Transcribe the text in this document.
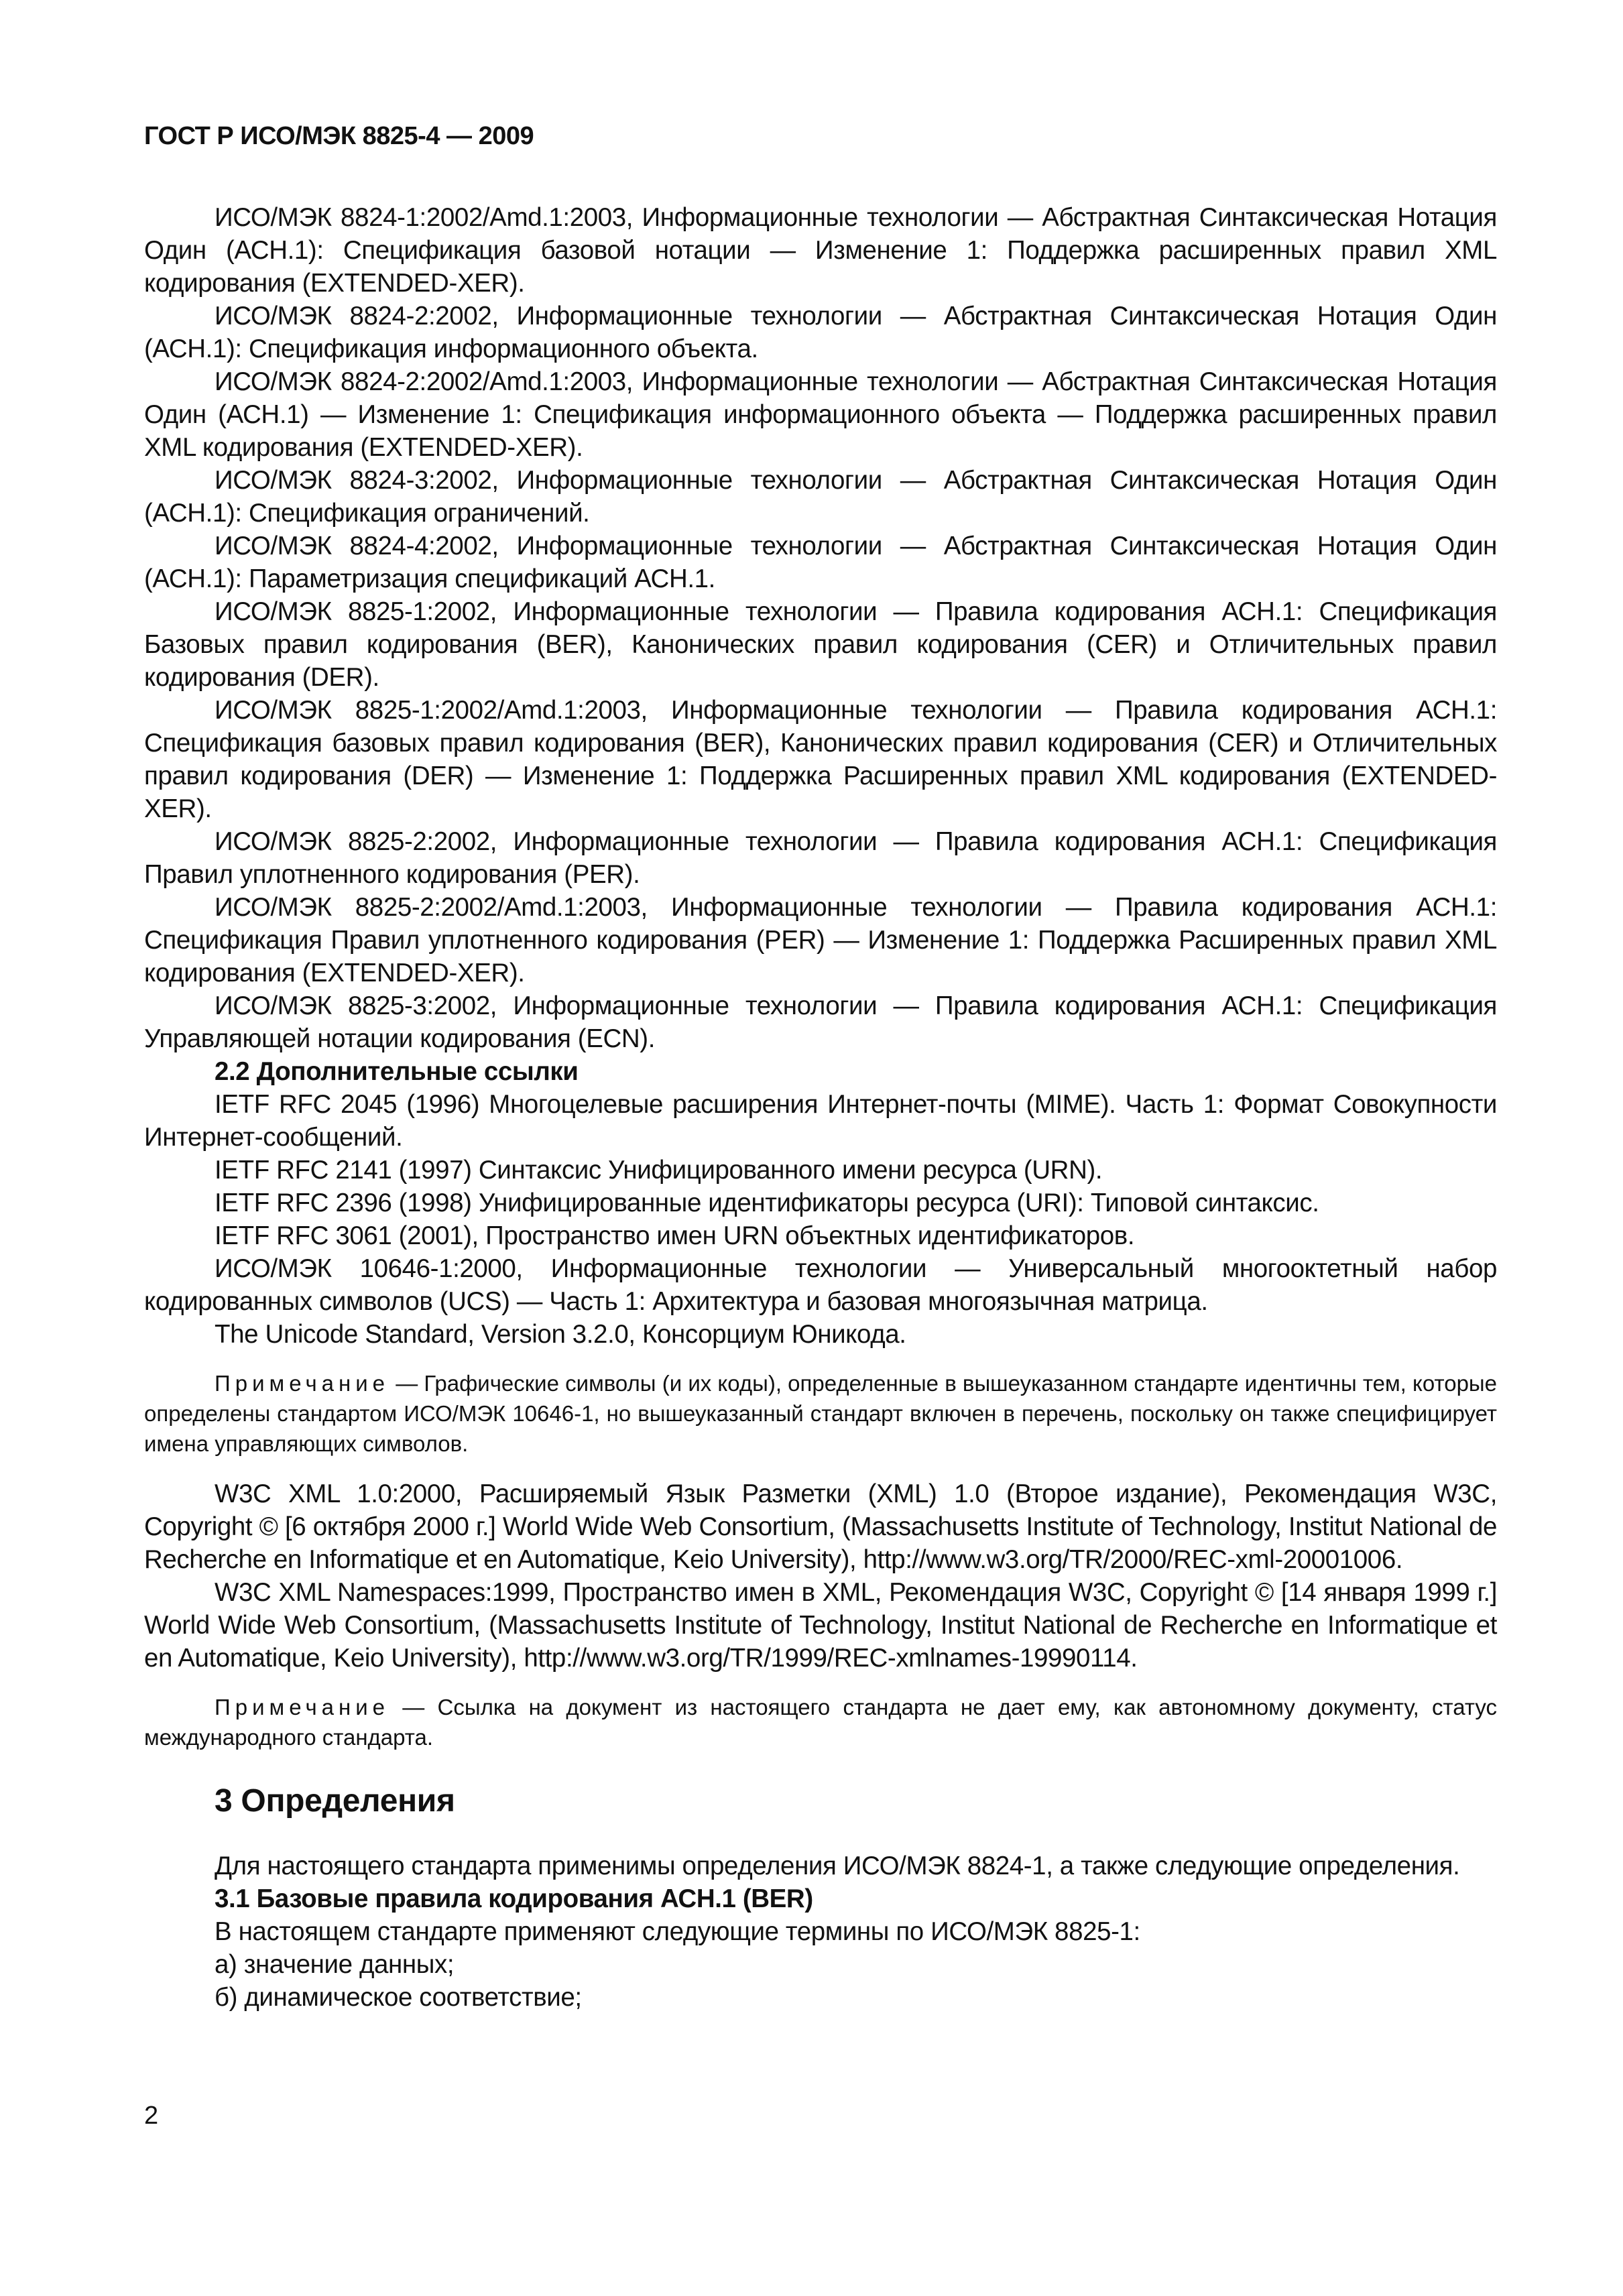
ГОСТ Р ИСО/МЭК 8825-4 — 2009

ИСО/МЭК 8824-1:2002/Amd.1:2003, Информационные технологии — Абстрактная Синтаксическая Нотация Один (АСН.1): Спецификация базовой нотации — Изменение 1: Поддержка расширенных правил XML кодирования (EXTENDED-XER).

ИСО/МЭК 8824-2:2002, Информационные технологии — Абстрактная Синтаксическая Нотация Один (АСН.1): Спецификация информационного объекта.

ИСО/МЭК 8824-2:2002/Amd.1:2003, Информационные технологии — Абстрактная Синтаксическая Нотация Один (АСН.1) — Изменение 1: Спецификация информационного объекта — Поддержка расширенных правил XML кодирования (EXTENDED-XER).

ИСО/МЭК 8824-3:2002, Информационные технологии — Абстрактная Синтаксическая Нотация Один (АСН.1): Спецификация ограничений.

ИСО/МЭК 8824-4:2002, Информационные технологии — Абстрактная Синтаксическая Нотация Один (АСН.1): Параметризация спецификаций АСН.1.

ИСО/МЭК 8825-1:2002, Информационные технологии — Правила кодирования АСН.1: Спецификация Базовых правил кодирования (BER), Канонических правил кодирования (CER) и Отличительных правил кодирования (DER).

ИСО/МЭК 8825-1:2002/Amd.1:2003, Информационные технологии — Правила кодирования АСН.1: Спецификация базовых правил кодирования (BER), Канонических правил кодирования (CER) и Отличительных правил кодирования (DER) — Изменение 1: Поддержка Расширенных правил XML кодирования (EXTENDED-XER).

ИСО/МЭК 8825-2:2002, Информационные технологии — Правила кодирования АСН.1: Спецификация Правил уплотненного кодирования (PER).

ИСО/МЭК 8825-2:2002/Amd.1:2003, Информационные технологии — Правила кодирования АСН.1: Спецификация Правил уплотненного кодирования (PER) — Изменение 1: Поддержка Расширенных правил XML кодирования (EXTENDED-XER).

ИСО/МЭК 8825-3:2002, Информационные технологии — Правила кодирования АСН.1: Спецификация Управляющей нотации кодирования (ECN).

2.2 Дополнительные ссылки

IETF RFC 2045 (1996) Многоцелевые расширения Интернет-почты (MIME). Часть 1: Формат Совокупности Интернет-сообщений.

IETF RFC 2141 (1997) Синтаксис Унифицированного имени ресурса (URN).

IETF RFC 2396 (1998) Унифицированные идентификаторы ресурса (URI): Типовой синтаксис.

IETF RFC 3061 (2001), Пространство имен URN объектных идентификаторов.

ИСО/МЭК 10646-1:2000, Информационные технологии — Универсальный многооктетный набор кодированных символов (UCS) — Часть 1: Архитектура и базовая многоязычная матрица.

The Unicode Standard, Version 3.2.0, Консорциум Юникода.

Примечание — Графические символы (и их коды), определенные в вышеуказанном стандарте идентичны тем, которые определены стандартом ИСО/МЭК 10646-1, но вышеуказанный стандарт включен в перечень, поскольку он также специфицирует имена управляющих символов.

W3C XML 1.0:2000, Расширяемый Язык Разметки (XML) 1.0 (Второе издание), Рекомендация W3C, Copyright © [6 октября 2000 г.] World Wide Web Consortium, (Massachusetts Institute of Technology, Institut National de Recherche en Informatique et en Automatique, Keio University), http://www.w3.org/TR/2000/REC-xml-20001006.

W3C XML Namespaces:1999, Пространство имен в XML, Рекомендация W3C, Copyright © [14 января 1999 г.] World Wide Web Consortium, (Massachusetts Institute of Technology, Institut National de Recherche en Informatique et en Automatique, Keio University), http://www.w3.org/TR/1999/REC-xmlnames-19990114.

Примечание — Ссылка на документ из настоящего стандарта не дает ему, как автономному документу, статус международного стандарта.

3 Определения

Для настоящего стандарта применимы определения ИСО/МЭК 8824-1, а также следующие определения.

3.1 Базовые правила кодирования АСН.1 (BER)

В настоящем стандарте применяют следующие термины по ИСО/МЭК 8825-1:

а) значение данных;

б) динамическое соответствие;

2
